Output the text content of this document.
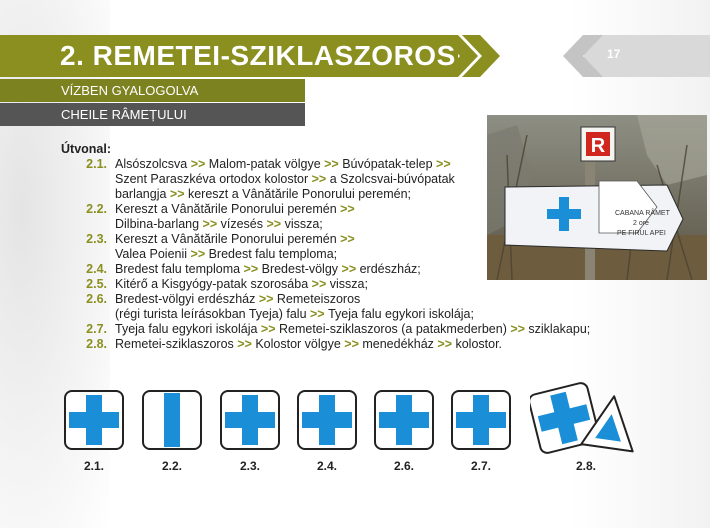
2. REMETEI-SZIKLASZOROS	17
VÍZBEN GYALOGOLVA
CHEILE RÂMEȚULUI
R
CABANA RÂMET
2 ore
PE FIRUL APEI
Útvonal:
2.1. Alsószolcsva >> Malom-patak völgye >> Búvópatak-telep >>
Szent Paraszkéva ortodox kolostor >> a Szolcsvai-búvópatak
barlangja >> kereszt a Vânătările Ponorului peremén;
2.2. Kereszt a Vânătările Ponorului peremén >>
Dilbina-barlang >> vízesés >> vissza;
2.3. Kereszt a Vânătările Ponorului peremén >>
Valea Poienii >> Bredest falu temploma;
2.4. Bredest falu temploma >> Bredest-völgy >> erdészház;
2.5. Kitérő a Kisgyógy-patak szorosába >> vissza;
2.6. Bredest-völgyi erdészház >> Remeteiszoros
(régi turista leírásokban Tyeja) falu >> Tyeja falu egykori iskolája;
2.7. Tyeja falu egykori iskolája >> Remetei-sziklaszoros (a patakmederben) >> sziklakapu;
2.8. Remetei-sziklaszoros >> Kolostor völgye >> menedékház >> kolostor.
2.1.	2.2.	2.3.	2.4.	2.6.	2.7.	2.8.
